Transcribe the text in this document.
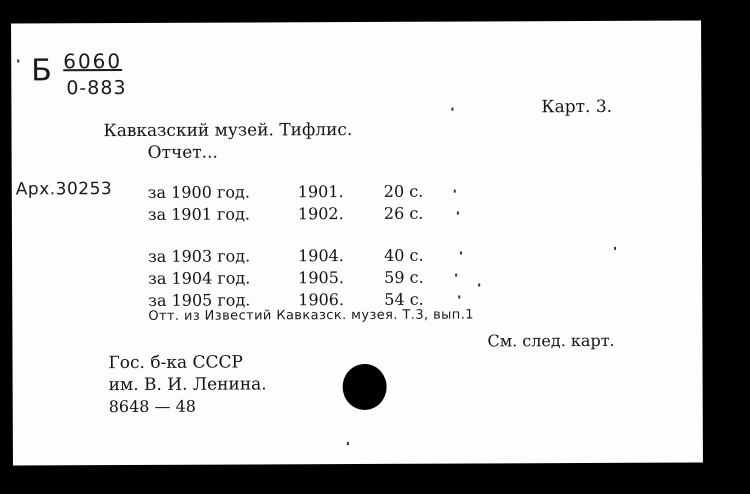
Б 6060
0-883
Карт. 3.
Кавказский музей. Тифлис.
Отчет...
Арх.30253 за 1900 год.	1901.	20 с.
за 1901 год.	1902.	26 с.
за 1903 год.	1904.	40 с.
за 1904 год.	1905.	59 с.
за 1905 год.	1906.	54 с.
Отт. из Известий Кавказск. музея. Т.3, вып.1
См. след. карт.
Гос. б-ка СССР
им. В. И. Ленина.
8648 — 48
